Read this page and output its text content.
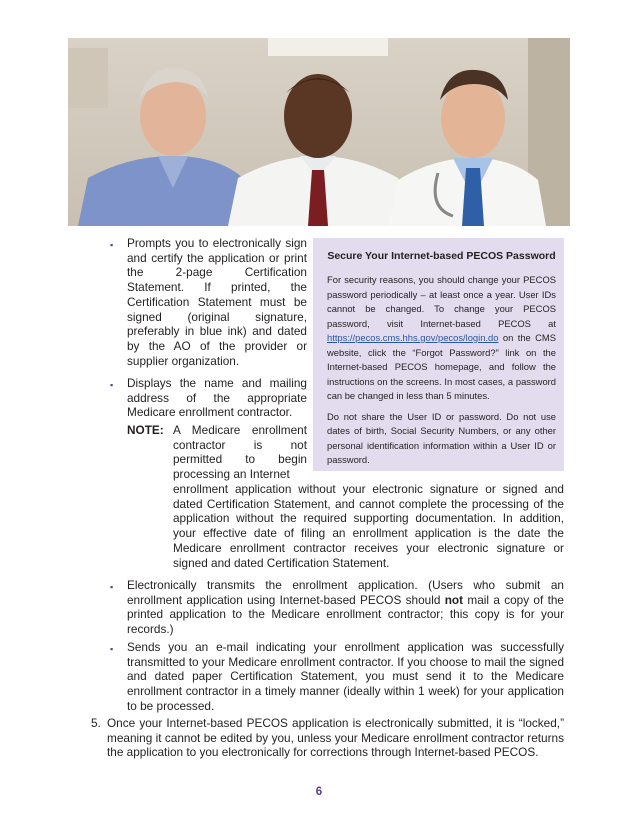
Secure Your Internet-based PECOS Password

For security reasons, you should change your PECOS password periodically – at least once a year. User IDs cannot be changed. To change your PECOS password, visit Internet-based PECOS at https://pecos.cms.hhs.gov/pecos/login.do on the CMS website, click the “Forgot Password?” link on the Internet-based PECOS homepage, and follow the instructions on the screens. In most cases, a password can be changed in less than 5 minutes.

Do not share the User ID or password. Do not use dates of birth, Social Security Numbers, or any other personal identification information within a User ID or password.

▪ Prompts you to electronically sign and certify the application or print the 2-page Certification Statement. If printed, the Certification Statement must be signed (original signature, preferably in blue ink) and dated by the AO of the provider or supplier organization.
▪ Displays the name and mailing address of the appropriate Medicare enrollment contractor.
NOTE: A Medicare enrollment contractor is not permitted to begin processing an Internet
enrollment application without your electronic signature or signed and dated Certification Statement, and cannot complete the processing of the application without the required supporting documentation. In addition, your effective date of filing an enrollment application is the date the Medicare enrollment contractor receives your electronic signature or signed and dated Certification Statement.
▪ Electronically transmits the enrollment application. (Users who submit an enrollment application using Internet-based PECOS should not mail a copy of the printed application to the Medicare enrollment contractor; this copy is for your records.)
▪ Sends you an e-mail indicating your enrollment application was successfully transmitted to your Medicare enrollment contractor. If you choose to mail the signed and dated paper Certification Statement, you must send it to the Medicare enrollment contractor in a timely manner (ideally within 1 week) for your application to be processed.
5. Once your Internet-based PECOS application is electronically submitted, it is “locked,” meaning it cannot be edited by you, unless your Medicare enrollment contractor returns the application to you electronically for corrections through Internet-based PECOS.
6
